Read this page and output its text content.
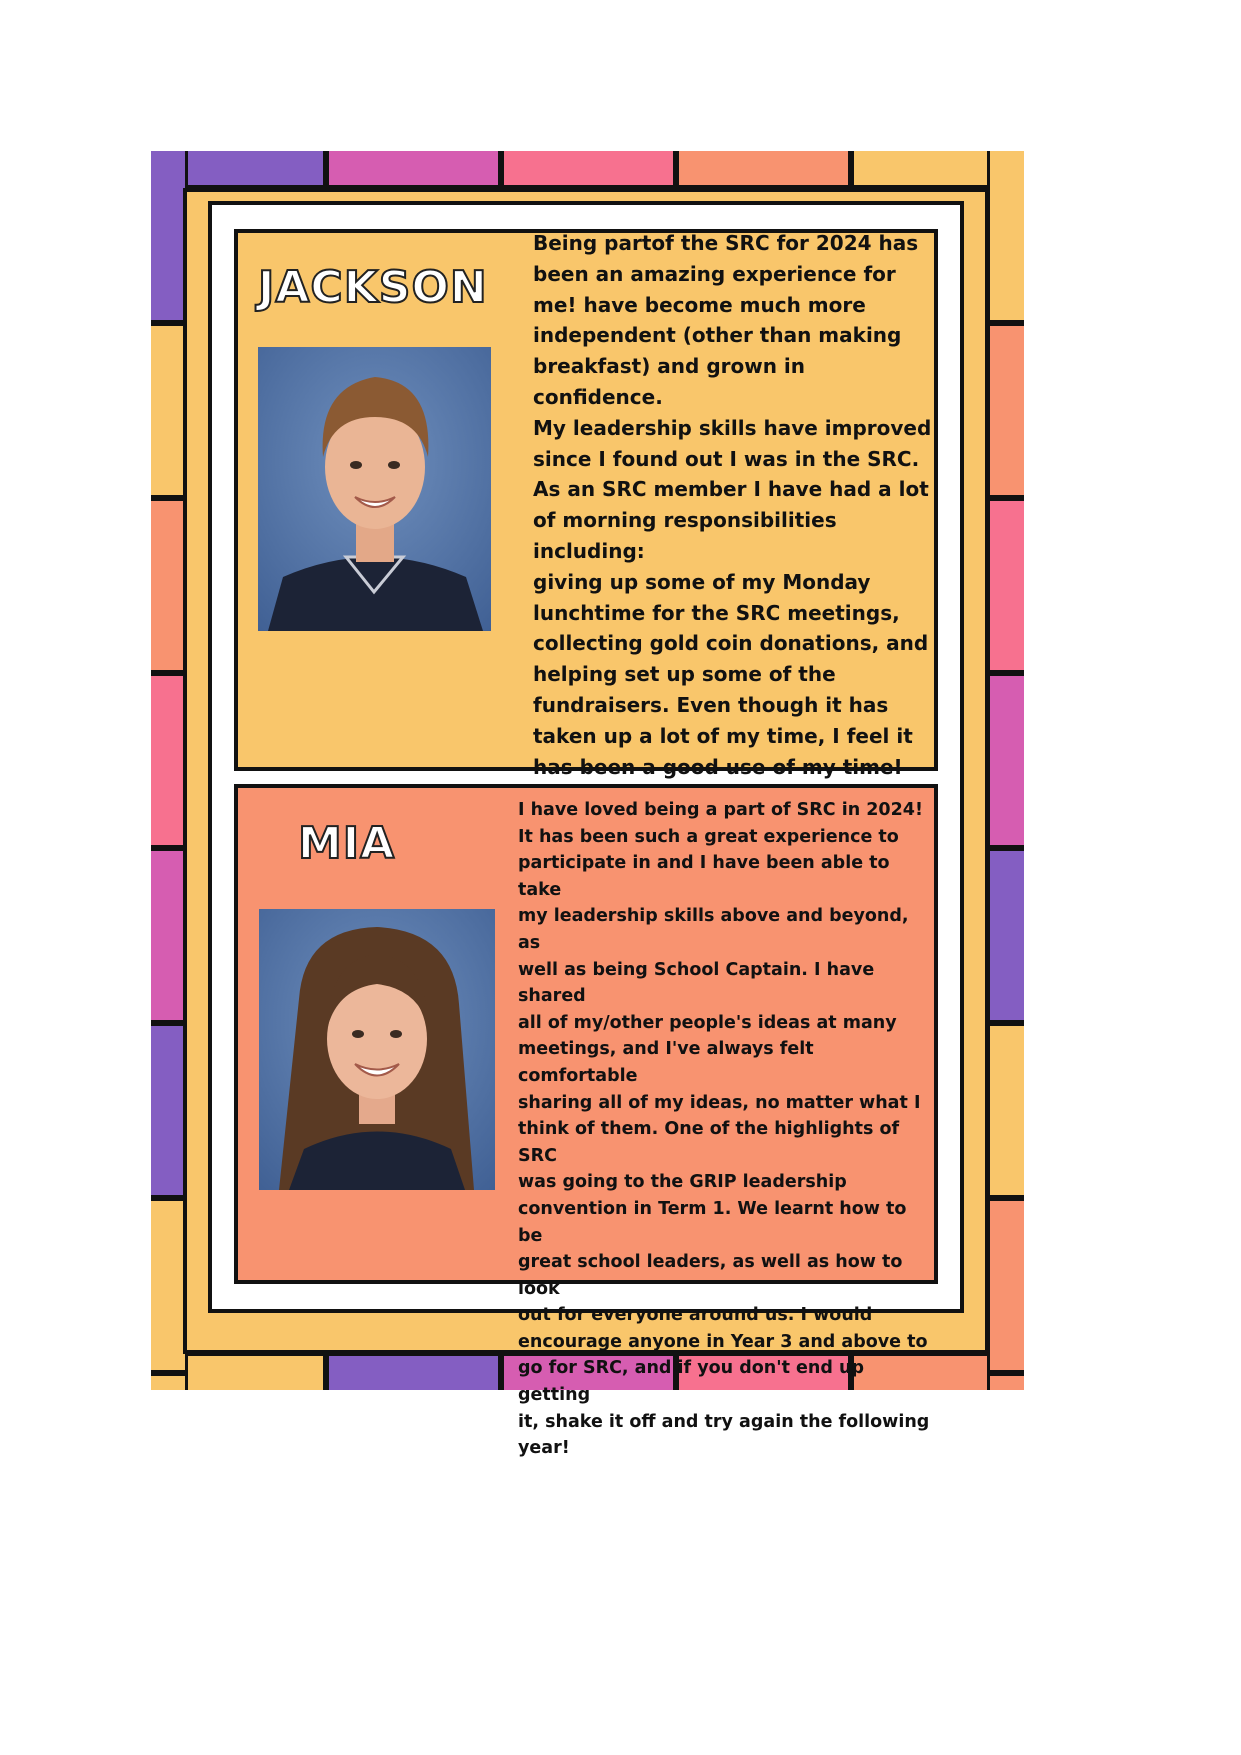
JACKSON

Being partof the SRC for 2024 has
been an amazing experience for
me! have become much more
independent (other than making
breakfast) and grown in confidence.
My leadership skills have improved
since I found out I was in the SRC.
As an SRC member I have had a lot
of morning responsibilities including:
giving up some of my Monday
lunchtime for the SRC meetings,
collecting gold coin donations, and
helping set up some of the
fundraisers. Even though it has
taken up a lot of my time, I feel it
has been a good use of my time!

MIA

I have loved being a part of SRC in 2024!
It has been such a great experience to
participate in and I have been able to take
my leadership skills above and beyond, as
well as being School Captain. I have shared
all of my/other people's ideas at many
meetings, and I've always felt comfortable
sharing all of my ideas, no matter what I
think of them. One of the highlights of SRC
was going to the GRIP leadership
convention in Term 1. We learnt how to be
great school leaders, as well as how to look
out for everyone around us. I would
encourage anyone in Year 3 and above to
go for SRC, and if you don't end up getting
it, shake it off and try again the following
year!
